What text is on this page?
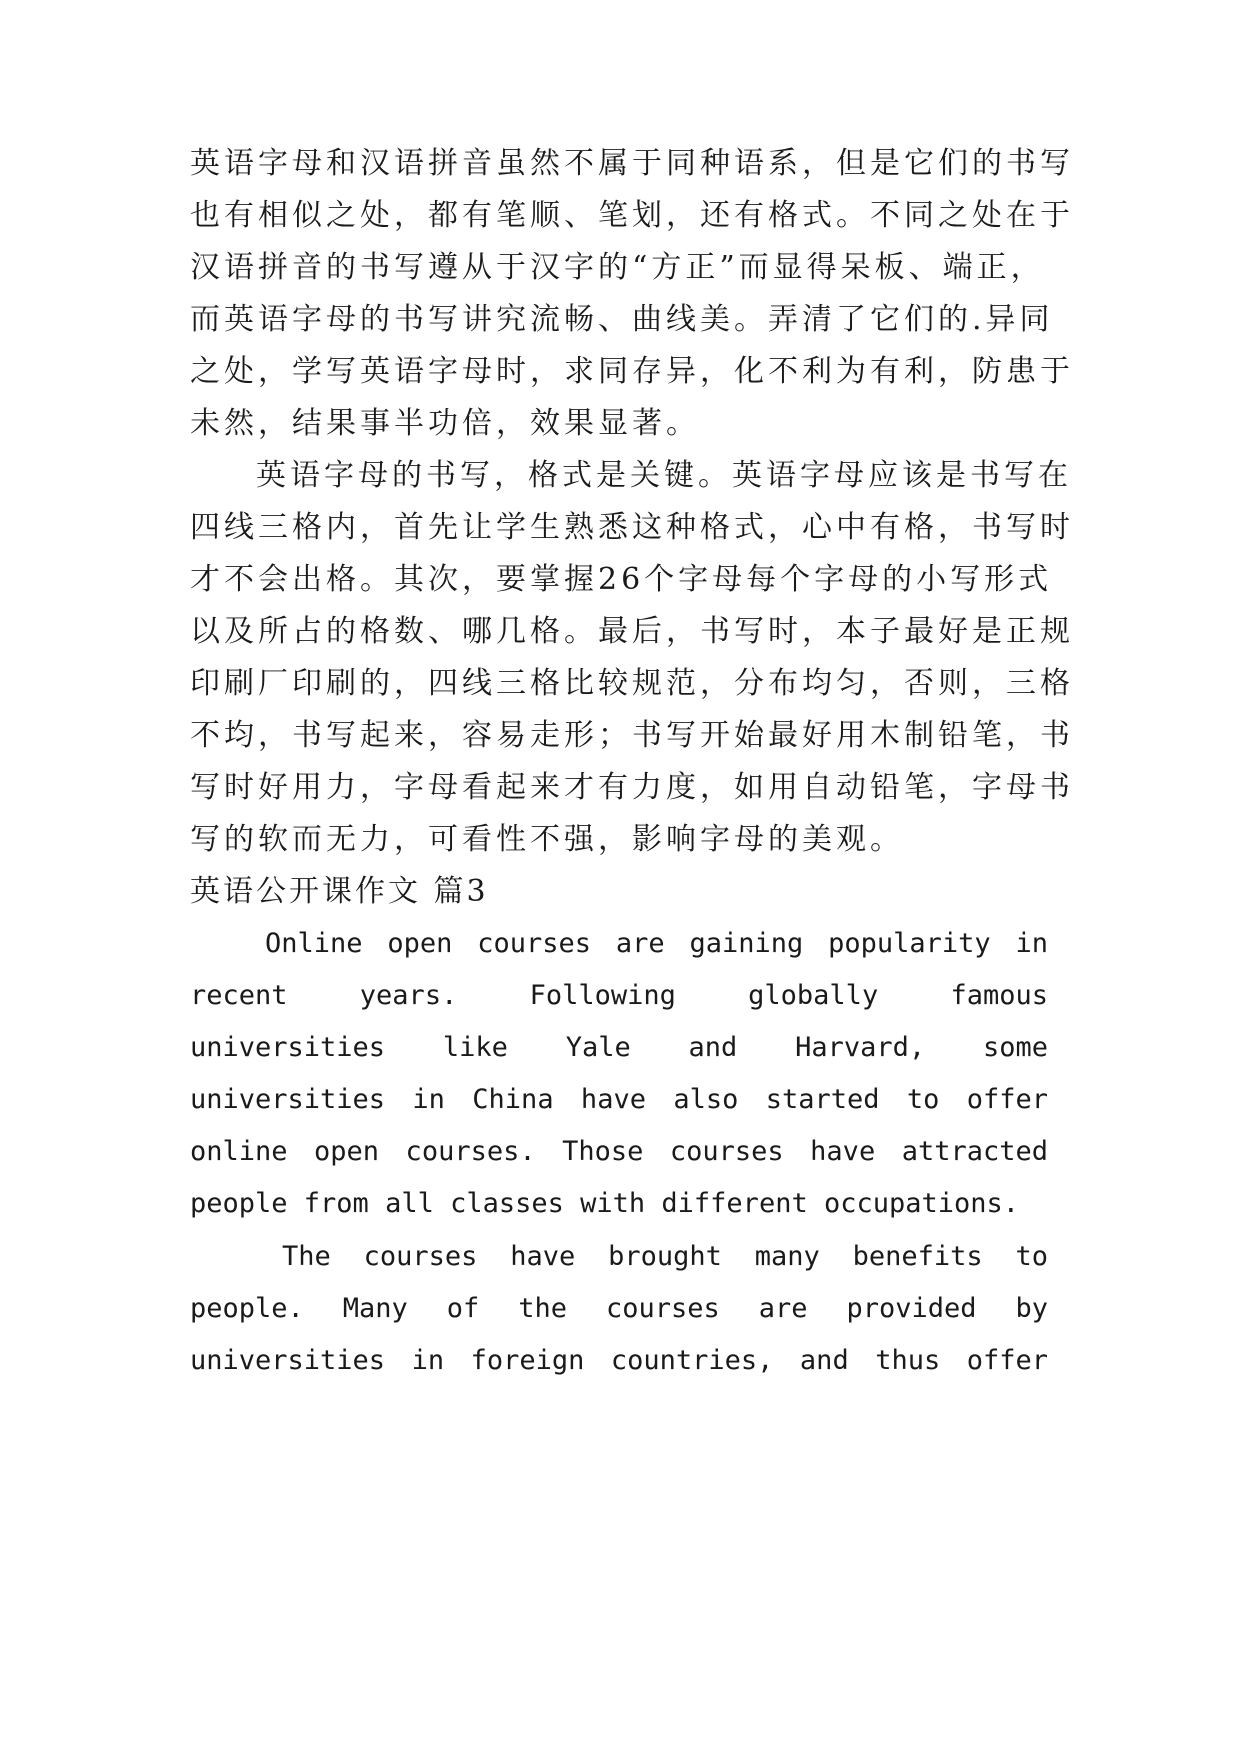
英语字母和汉语拼音虽然不属于同种语系，但是它们的书写
也有相似之处，都有笔顺、笔划，还有格式。不同之处在于
汉语拼音的书写遵从于汉字的“方正”而显得呆板、端正，
而英语字母的书写讲究流畅、曲线美。弄清了它们的.异同
之处，学写英语字母时，求同存异，化不利为有利，防患于
未然，结果事半功倍，效果显著。
英语字母的书写，格式是关键。英语字母应该是书写在
四线三格内，首先让学生熟悉这种格式，心中有格，书写时
才不会出格。其次，要掌握26个字母每个字母的小写形式
以及所占的格数、哪几格。最后，书写时，本子最好是正规
印刷厂印刷的，四线三格比较规范，分布均匀，否则，三格
不均，书写起来，容易走形；书写开始最好用木制铅笔，书
写时好用力，字母看起来才有力度，如用自动铅笔，字母书
写的软而无力，可看性不强，影响字母的美观。
英语公开课作文 篇3
Online open courses are gaining popularity in
recent years. Following globally famous
universities like Yale and Harvard, some
universities in China have also started to offer
online open courses. Those courses have attracted
people from all classes with different occupations.
The courses have brought many benefits to
people. Many of the courses are provided by
universities in foreign countries, and thus offer
